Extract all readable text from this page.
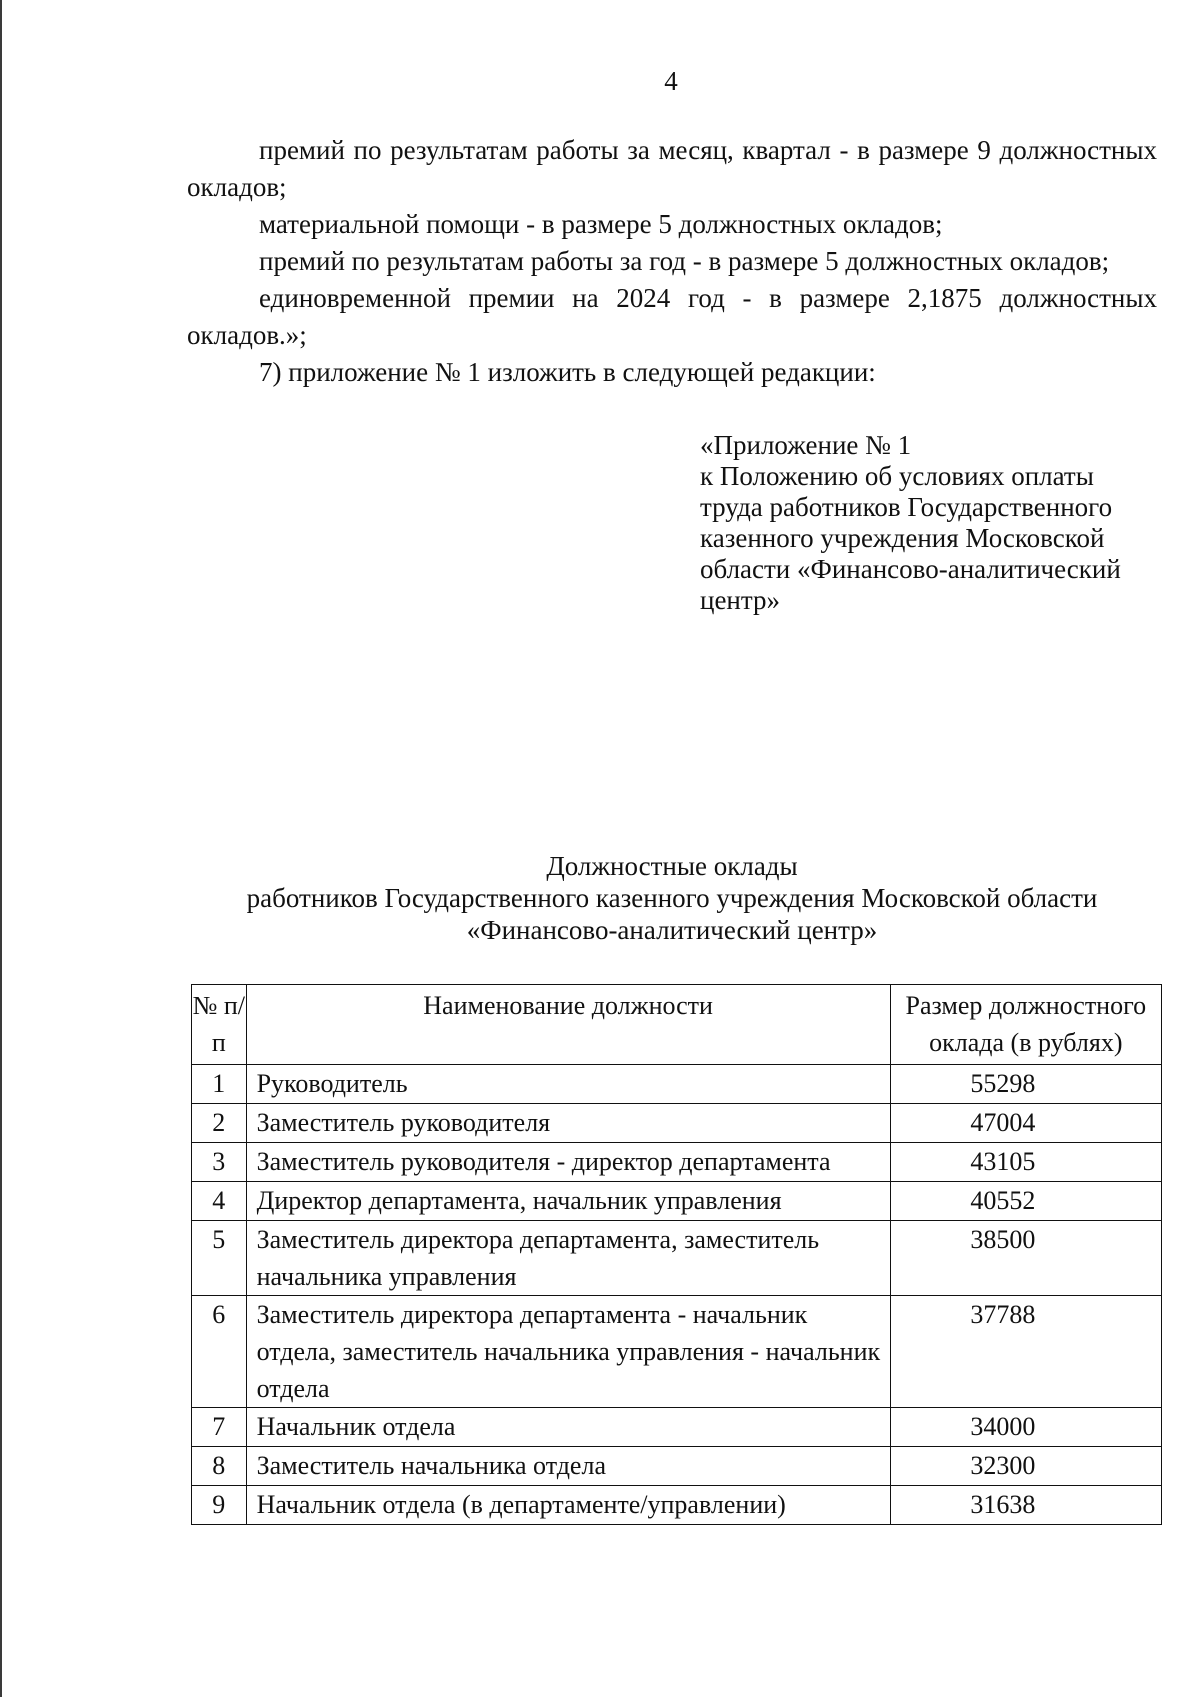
4

премий по результатам работы за месяц, квартал - в размере 9 должностных окладов;

материальной помощи - в размере 5 должностных окладов;

премий по результатам работы за год - в размере 5 должностных окладов;

единовременной премии на 2024 год - в размере 2,1875 должностных окладов.»;

7) приложение № 1 изложить в следующей редакции:

«Приложение № 1
к Положению об условиях оплаты
труда работников Государственного
казенного учреждения Московской
области «Финансово-аналитический
центр»
Должностные оклады
работников Государственного казенного учреждения Московской области
«Финансово-аналитический центр»
№ п/п	Наименование должности	Размер должностного оклада (в рублях)
1	Руководитель	55298
2	Заместитель руководителя	47004
3	Заместитель руководителя - директор департамента	43105
4	Директор департамента, начальник управления	40552
5	Заместитель директора департамента, заместитель начальника управления	38500
6	Заместитель директора департамента - начальник отдела, заместитель начальника управления - начальник отдела	37788
7	Начальник отдела	34000
8	Заместитель начальника отдела	32300
9	Начальник отдела (в департаменте/управлении)	31638
